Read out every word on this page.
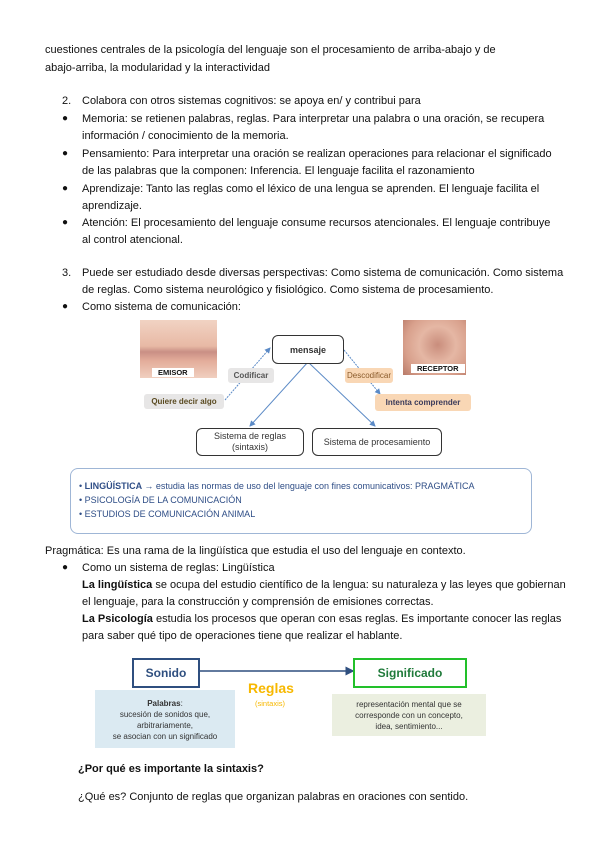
cuestiones centrales de la psicología del lenguaje son el procesamiento de arriba-abajo y de
abajo-arriba, la modularidad y la interactividad
2. Colabora con otros sistemas cognitivos: se apoya en/ y contribui para
● Memoria: se retienen palabras, reglas. Para interpretar una palabra o una oración, se recupera
información / conocimiento de la memoria.
● Pensamiento: Para interpretar una oración se realizan operaciones para relacionar el significado
de las palabras que la componen: Inferencia. El lenguaje facilita el razonamiento
● Aprendizaje: Tanto las reglas como el léxico de una lengua se aprenden. El lenguaje facilita el
aprendizaje.
● Atención: El procesamiento del lenguaje consume recursos atencionales. El lenguaje contribuye
al control atencional.
3. Puede ser estudiado desde diversas perspectivas: Como sistema de comunicación. Como sistema
de reglas. Como sistema neurológico y fisiológico. Como sistema de procesamiento.
● Como sistema de comunicación:
EMISOR	RECEPTOR
mensaje
Codificar	Descodificar
Quiere decir algo	Intenta comprender
Sistema de reglas
(sintaxis)	Sistema de procesamiento
• LINGÜÍSTICA → estudia las normas de uso del lenguaje con fines comunicativos: PRAGMÁTICA
• PSICOLOGÍA DE LA COMUNICACIÓN
• ESTUDIOS DE COMUNICACIÓN ANIMAL
Pragmática: Es una rama de la lingüística que estudia el uso del lenguaje en contexto.
● Como un sistema de reglas: Lingüística
La lingüística se ocupa del estudio científico de la lengua: su naturaleza y las leyes que gobiernan
el lenguaje, para la construcción y comprensión de emisiones correctas.
La Psicología estudia los procesos que operan con esas reglas. Es importante conocer las reglas
para saber qué tipo de operaciones tiene que realizar el hablante.
Sonido	Significado
Reglas
(sintaxis)
Palabras:
sucesión de sonidos que,
arbitrariamente,
se asocian con un significado
representación mental que se
corresponde con un concepto,
idea, sentimiento...
¿Por qué es importante la sintaxis?
¿Qué es? Conjunto de reglas que organizan palabras en oraciones con sentido.
